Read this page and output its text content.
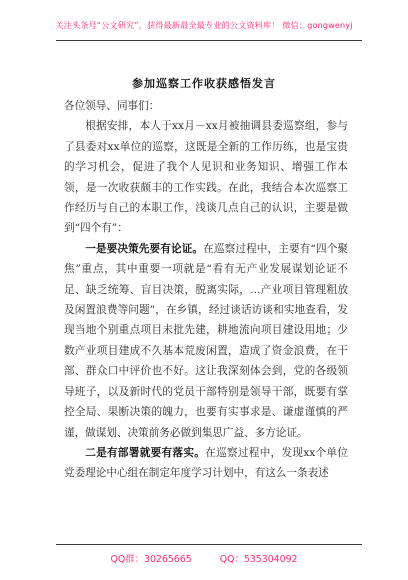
关注头条号“公文研究”，获得最新最全最专业的公文资料库！ 微信：gongwenyj
参加巡察工作收获感悟发言

各位领导、同事们：

根据安排，本人于xx月－xx月被抽调县委巡察组，参与了县委对xx单位的巡察，这既是全新的工作历练，也是宝贵的学习机会，促进了我个人见识和业务知识、增强工作本领，是一次收获颇丰的工作实践。在此，我结合本次巡察工作经历与自己的本职工作，浅谈几点自己的认识，主要是做到“四个有”：

一是要决策先要有论证。在巡察过程中，主要有“四个聚焦”重点，其中重要一项就是“看有无产业发展谋划论证不足、缺乏统筹、盲目决策，脱离实际，...产业项目管理粗放及闲置浪费等问题”，在乡镇，经过谈话访谈和实地查看，发现当地个别重点项目未批先建，耕地流向项目建设用地；少数产业项目建成不久基本荒废闲置，造成了资金浪费，在干部、群众口中评价也不好。这让我深刻体会到，党的各级领导班子，以及新时代的党员干部特别是领导干部，既要有掌控全局、果断决策的魄力，也要有实事求是、谦虚谨慎的严谨，做谋划、决策前务必做到集思广益、多方论证。

二是有部署就要有落实。在巡察过程中，发现xx个单位党委理论中心组在制定年度学习计划中，有这么一条表述

QQ群：30265665	QQ：535304092
